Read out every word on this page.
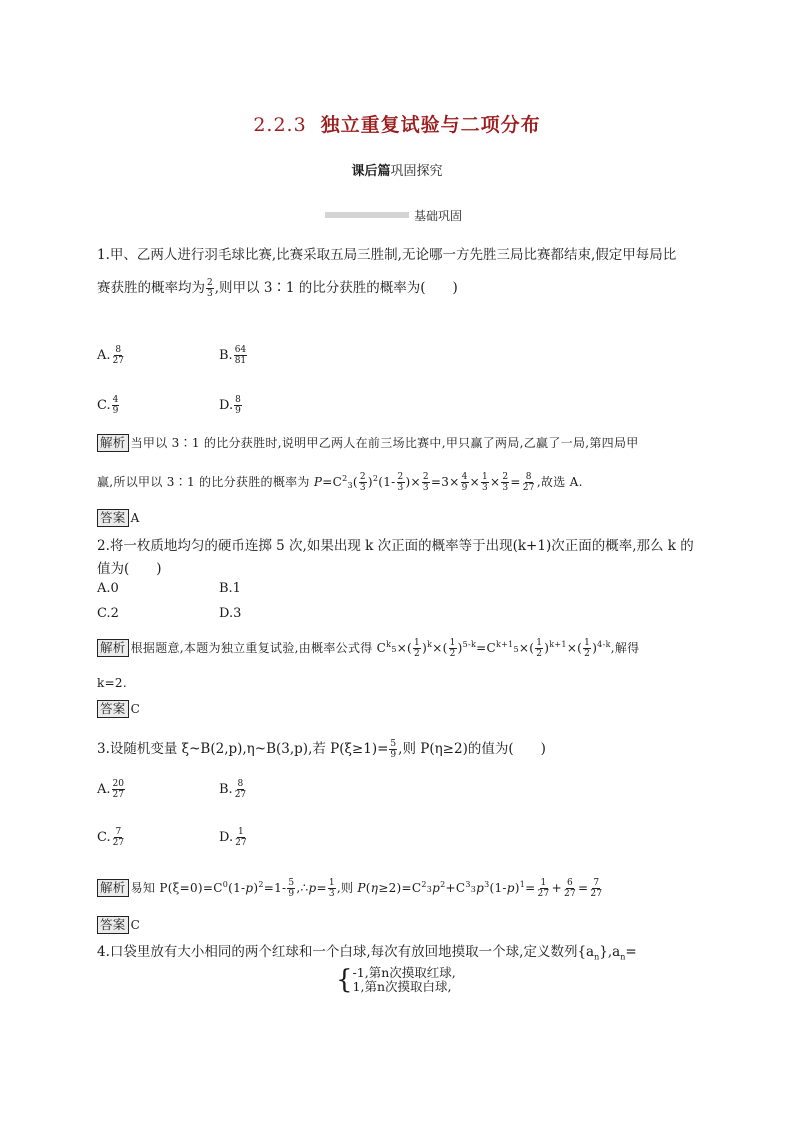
2.2.3 独立重复试验与二项分布
课后篇巩固探究
基础巩固
1.甲、乙两人进行羽毛球比赛,比赛采取五局三胜制,无论哪一方先胜三局比赛都结束,假定甲每局比
赛获胜的概率均为 $\frac{2}{3}$ ,则甲以 3∶1 的比分获胜的概率为(　　)
A. $\frac{8}{27}$	B. $\frac{64}{81}$
C. $\frac{4}{9}$	D. $\frac{8}{9}$
解析 当甲以 3∶1 的比分获胜时,说明甲乙两人在前三场比赛中,甲只赢了两局,乙赢了一局,第四局甲
赢,所以甲以 3∶1 的比分获胜的概率为 $P=C^23( \frac{2}{3} )^2(1- \frac{2}{3}$ )× $\frac{2}{3} =3\times \frac{4}{9} \times \frac{1}{3} \times \frac{2}{3} = \frac{8}{27}$ ,故选 A.
答案 A
2.将一枚质地均匀的硬币连掷 5 次,如果出现 k 次正面的概率等于出现(k+1)次正面的概率,那么 k 的
值为(　　)
A.0	B.1
C.2	D.3
解析 根据题意,本题为独立重复试验,由概率公式得 $C^k5\times( \frac{1}{2} )^k\times( \frac{1}{2} )^{5-k}=C^{k+1}5\times( \frac{1}{2} )^{k+1}\times( \frac{1}{2} )^{4-k}$,解得
k=2.
答案 C
3.设随机变量 ξ~B(2,p),η~B(3,p),若 $P(\xi\ge 1)= \frac{5}{9}$ ,则 P(η≥2)的值为(　　)
A. $\frac{20}{27}$	B. $\frac{8}{27}$
C. $\frac{7}{27}$	D. $\frac{1}{27}$
解析 易知 $P(\xi=0)=C^0(1-p)^2=1- \frac{5}{9}$ ,∴p= $\frac{1}{3}$ ,则 $P(\eta\ge 2)=C^23p^2+C^33p^3(1-p)^1= \frac{1}{27} + \frac{6}{27} = \frac{7}{27}$
答案 C
4.口袋里放有大小相同的两个红球和一个白球,每次有放回地摸取一个球,定义数列$\{a_n\},a_n=$
{ -1,第n次摸取红球,
1,第n次摸取白球,
